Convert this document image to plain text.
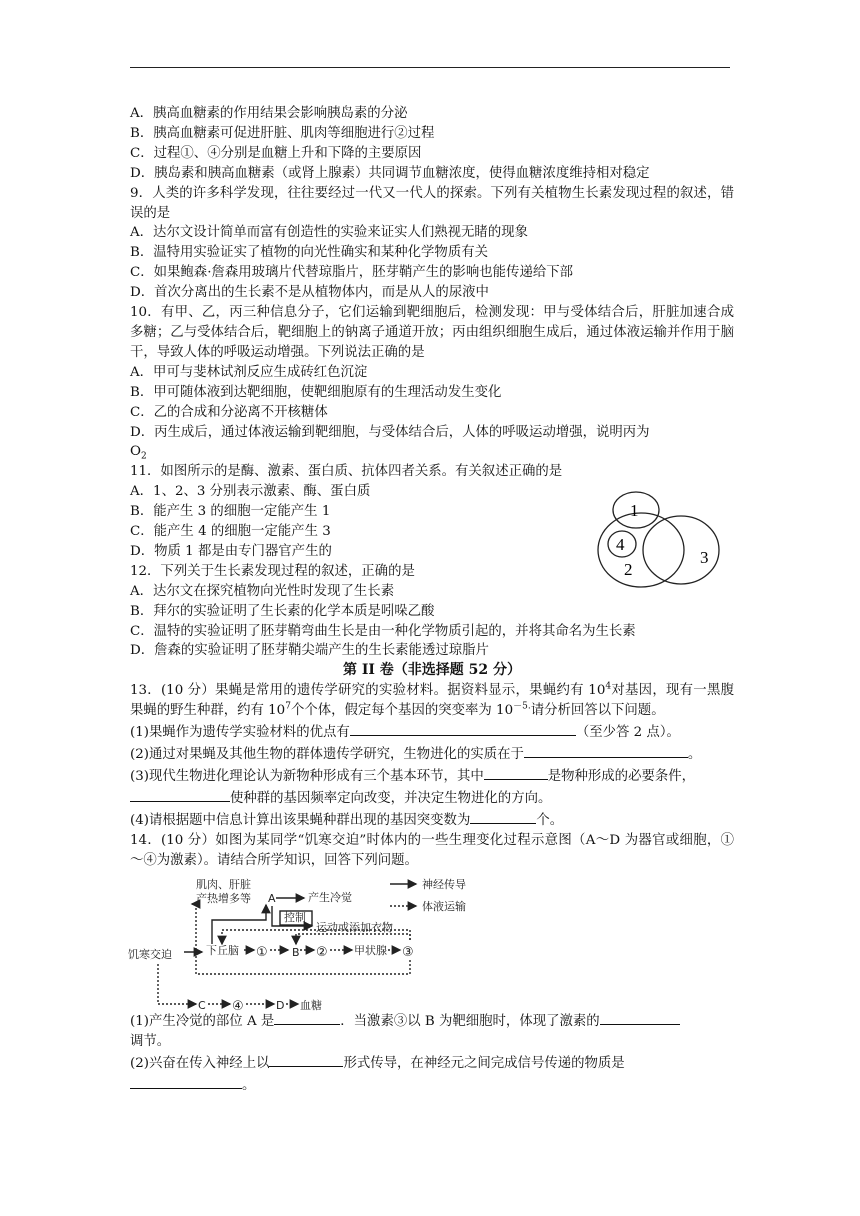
A．胰高血糖素的作用结果会影响胰岛素的分泌

B．胰高血糖素可促进肝脏、肌肉等细胞进行②过程

C．过程①、④分别是血糖上升和下降的主要原因

D．胰岛素和胰高血糖素（或肾上腺素）共同调节血糖浓度，使得血糖浓度维持相对稳定

9．人类的许多科学发现，往往要经过一代又一代人的探索。下列有关植物生长素发现过程的叙述，错误的是

A．达尔文设计简单而富有创造性的实验来证实人们熟视无睹的现象

B．温特用实验证实了植物的向光性确实和某种化学物质有关

C．如果鲍森·詹森用玻璃片代替琼脂片，胚芽鞘产生的影响也能传递给下部

D．首次分离出的生长素不是从植物体内，而是从人的尿液中

10．有甲、乙，丙三种信息分子，它们运输到靶细胞后，检测发现：甲与受体结合后，肝脏加速合成多糖；乙与受体结合后，靶细胞上的钠离子通道开放；丙由组织细胞生成后，通过体液运输并作用于脑干，导致人体的呼吸运动增强。下列说法正确的是

A．甲可与斐林试剂反应生成砖红色沉淀

B．甲可随体液到达靶细胞，使靶细胞原有的生理活动发生变化

C．乙的合成和分泌离不开核糖体

D．丙生成后，通过体液运输到靶细胞，与受体结合后，人体的呼吸运动增强，说明丙为

$O_2$

11．如图所示的是酶、激素、蛋白质、抗体四者关系。有关叙述正确的是

A．1、2、3 分别表示激素、酶、蛋白质

B．能产生 3 的细胞一定能产生 1

C．能产生 4 的细胞一定能产生 3

D．物质 1 都是由专门器官产生的

12．下列关于生长素发现过程的叙述，正确的是

A．达尔文在探究植物向光性时发现了生长素

B．拜尔的实验证明了生长素的化学本质是吲哚乙酸

C．温特的实验证明了胚芽鞘弯曲生长是由一种化学物质引起的，并将其命名为生长素

D．詹森的实验证明了胚芽鞘尖端产生的生长素能透过琼脂片

第 II 卷（非选择题 52 分）

13．(10 分）果蝇是常用的遗传学研究的实验材料。据资料显示，果蝇约有 $10^4$对基因，现有一黑腹果蝇的野生种群，约有 $10^7$个个体，假定每个基因的突变率为 $10^{-5.}$请分析回答以下问题。

(1)果蝇作为遗传学实验材料的优点有	（至少答 2 点）。

(2)通过对果蝇及其他生物的群体遗传学研究，生物进化的实质在于	。

(3)现代生物进化理论认为新物种形成有三个基本环节，其中	是物种形成的必要条件，

使种群的基因频率定向改变，并决定生物进化的方向。

(4)请根据题中信息计算出该果蝇种群出现的基因突变数为	个。

14．(10 分）如图为某同学“饥寒交迫”时体内的一些生理变化过程示意图（A～D 为器官或细胞，①～④为激素）。请结合所学知识，回答下列问题。

(1)产生冷觉的部位 A 是	．当激素③以 B 为靶细胞时，体现了激素的

调节。

(2)兴奋在传入神经上以	形式传导，在神经元之间完成信号传递的物质是

。

1
2
3
4
肌肉、肝脏
产热增多等 A	产生冷觉
控制
运动或添加衣物
神经传导
体液运输
饥寒交迫	下丘脑 ① B ② 甲状腺 ③
C ④	D 血糖
